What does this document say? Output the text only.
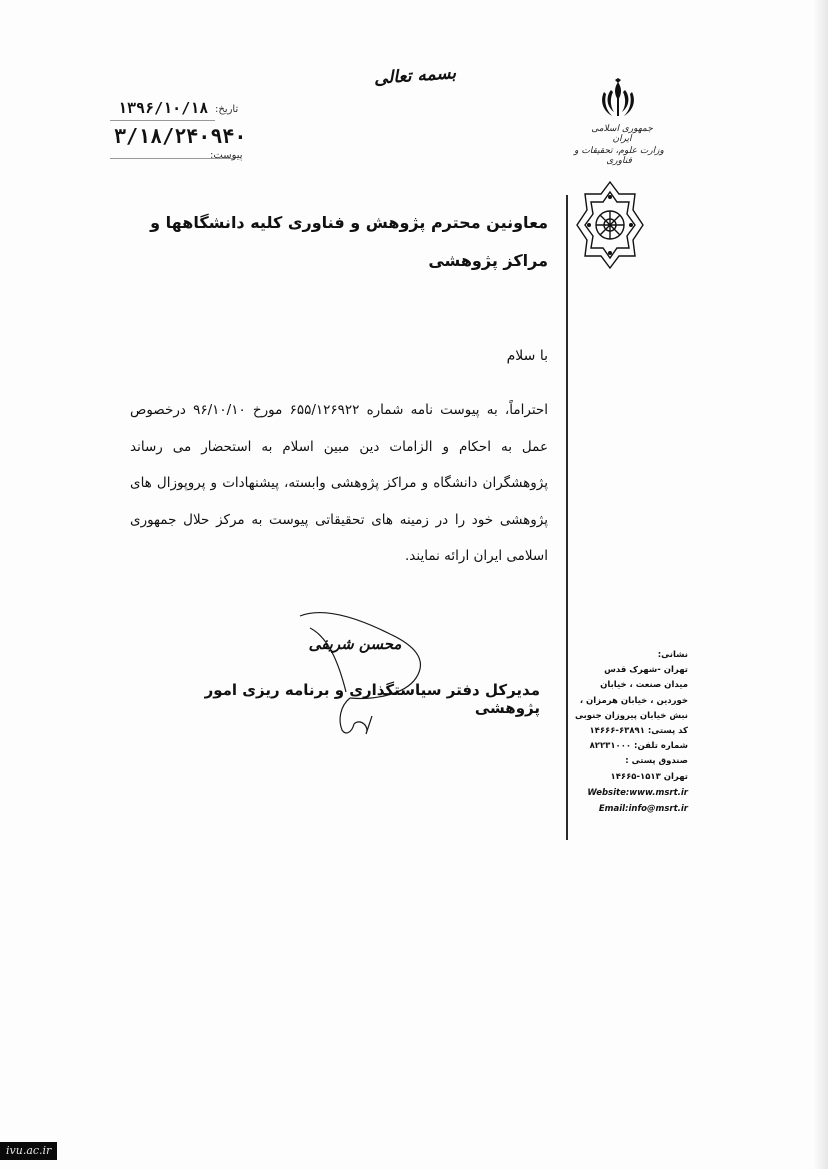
بسمه تعالی
جمهوری اسلامی ایران
وزارت علوم، تحقیقات و فناوری
تاریخ:
۱۳۹۶/۱۰/۱۸
۳/۱۸/۲۴۰۹۴۰
پیوست:
معاونین محترم پژوهش و فناوری کلیه دانشگاهها و مراکز پژوهشی
با سلام
احتراماً، به پیوست نامه شماره ۶۵۵/۱۲۶۹۲۲ مورخ ۹۶/۱۰/۱۰ درخصوص عمل به احکام و الزامات دین مبین اسلام به استحضار می رساند پژوهشگران دانشگاه و مراکز پژوهشی وابسته، پیشنهادات و پروپوزال های پژوهشی خود را در زمینه های تحقیقاتی پیوست به مرکز حلال جمهوری اسلامی ایران ارائه نمایند.
محسن شریفی
مدیرکل دفتر سیاستگذاری و برنامه ریزی امور پژوهشی
نشانی:
تهران -شهرک قدس
میدان صنعت ، خیابان
خوردین ، خیابان هرمزان ،
نبش خیابان پیروزان جنوبی
کد پستی: ۶۳۸۹۱-۱۴۶۶۶
شماره تلفن: ۸۲۲۳۱۰۰۰
صندوق پستی :
تهران ۱۵۱۳-۱۴۶۶۵
Website:www.msrt.ir
Email:info@msrt.ir
ivu.ac.ir
